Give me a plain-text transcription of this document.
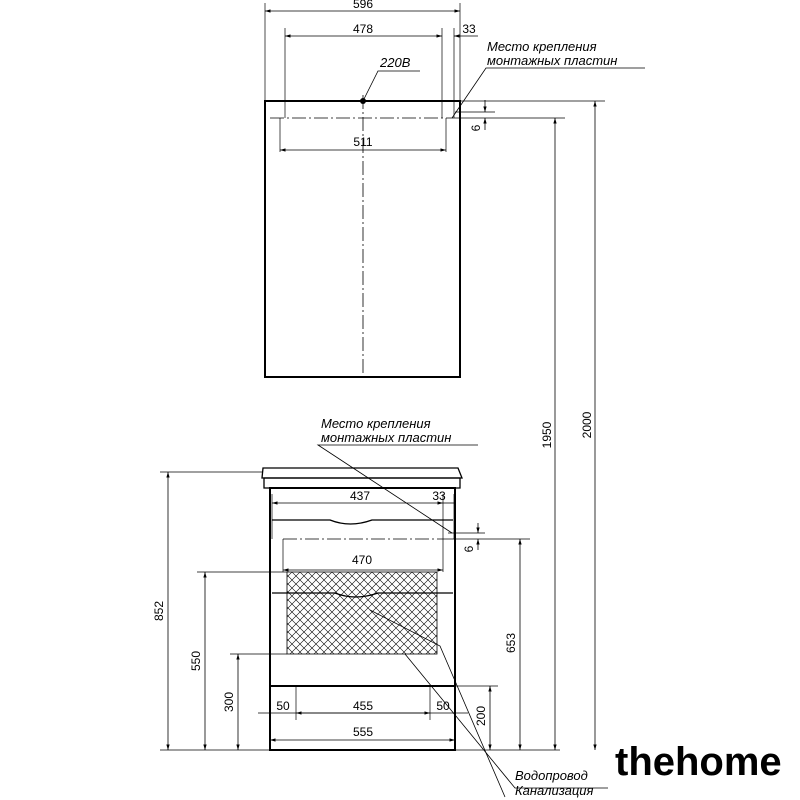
596
478	33
511
6
220В
Место крепления
монтажных пластин
1950 2000
437	33
470
6
Место крепления
монтажных пластин
852
550
300
653
200
50	455	50
555
Водопровод
Канализация
thehome
